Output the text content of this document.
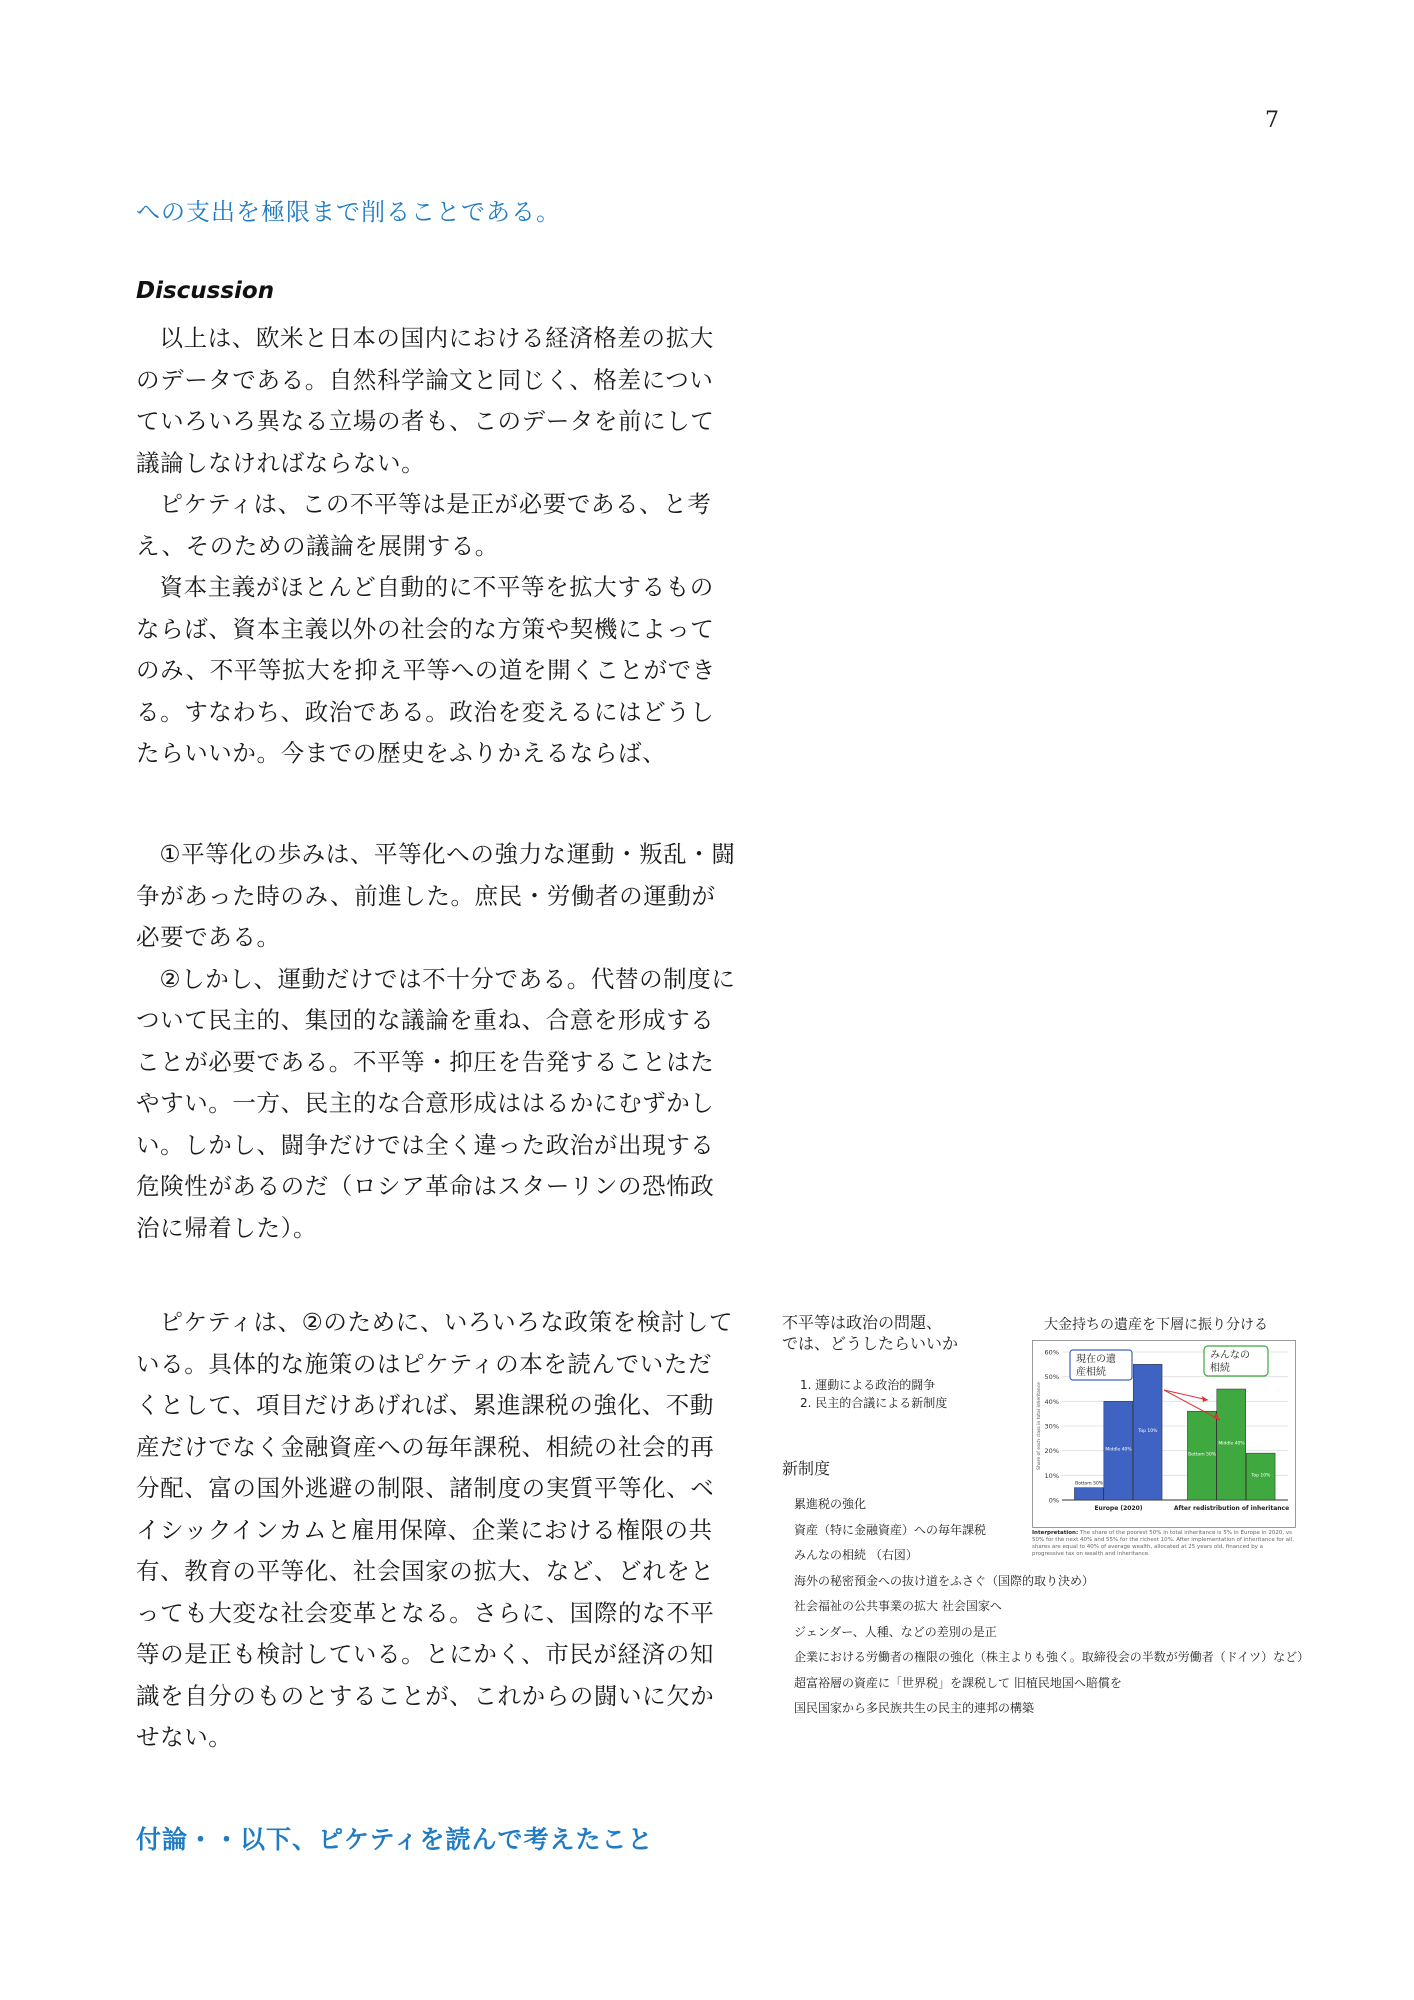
7
への支出を極限まで削ることである。
Discussion

以上は、欧米と日本の国内における経済格差の拡大のデータである。自然科学論文と同じく、格差についていろいろ異なる立場の者も、このデータを前にして議論しなければならない。

ピケティは、この不平等は是正が必要である、と考え、そのための議論を展開する。

資本主義がほとんど自動的に不平等を拡大するものならば、資本主義以外の社会的な方策や契機によってのみ、不平等拡大を抑え平等への道を開くことができる。すなわち、政治である。政治を変えるにはどうしたらいいか。今までの歴史をふりかえるならば、

①平等化の歩みは、平等化への強力な運動・叛乱・闘争があった時のみ、前進した。庶民・労働者の運動が必要である。

②しかし、運動だけでは不十分である。代替の制度について民主的、集団的な議論を重ね、合意を形成することが必要である。不平等・抑圧を告発することはたやすい。一方、民主的な合意形成ははるかにむずかしい。しかし、闘争だけでは全く違った政治が出現する危険性があるのだ（ロシア革命はスターリンの恐怖政治に帰着した）。

ピケティは、②のために、いろいろな政策を検討している。具体的な施策のはピケティの本を読んでいただくとして、項目だけあげれば、累進課税の強化、不動産だけでなく金融資産への毎年課税、相続の社会的再分配、富の国外逃避の制限、諸制度の実質平等化、ベイシックインカムと雇用保障、企業における権限の共有、教育の平等化、社会国家の拡大、など、どれをとっても大変な社会変革となる。さらに、国際的な不平等の是正も検討している。とにかく、市民が経済の知識を自分のものとすることが、これからの闘いに欠かせない。

不平等は政治の問題、
では、どうしたらいいか
1. 運動による政治的闘争
2. 民主的合議による新制度
大金持ちの遺産を下層に振り分ける
新制度
累進税の強化
資産（特に金融資産）への毎年課税
みんなの相続 （右図）
海外の秘密預金への抜け道をふさぐ（国際的取り決め）
社会福祉の公共事業の拡大 社会国家へ
ジェンダー、人種、などの差別の是正
企業における労働者の権限の強化（株主よりも強く。取締役会の半数が労働者（ドイツ）など）
超富裕層の資産に「世界税」を課税して 旧植民地国へ賠償を
国民国家から多民族共生の民主的連邦の構築
0%
10%
20%
30%
40%
50%
60%
Share of each class in total inheritance
Bottom 50%
Middle 40%
Top 10%
Europe (2020)
Bottom 50%
Middle 40%
Top 10%
After redistribution of inheritance
現在の遺
産相続
みんなの
相続
Interpretation: The share of the poorest 50% in total inheritance is 5% in Europe in 2020, vs 50% for the next 40% and 55% for the richest 10%. After implementation of inheritance for all, shares are equal to 40% of average wealth, allocated at 25 years old, financed by a progressive tax on wealth and inheritance.
付論・・以下、ピケティを読んで考えたこと
